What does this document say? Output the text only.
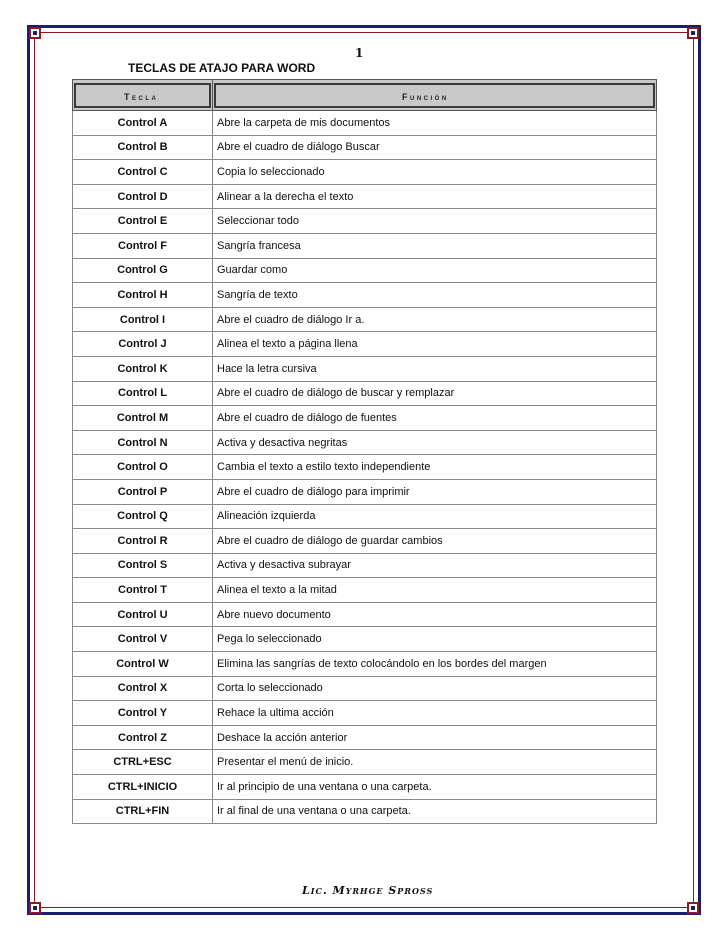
1
TECLAS DE ATAJO PARA WORD
Tecla	Función

Control A	Abre la carpeta de mis documentos
Control B	Abre el cuadro de diálogo Buscar
Control C	Copia lo seleccionado
Control D	Alinear a la derecha el texto
Control E	Seleccionar todo
Control F	Sangría francesa
Control G	Guardar como
Control H	Sangría de texto
Control I	Abre el cuadro de diálogo Ir a.
Control J	Alinea el texto a página llena
Control K	Hace la letra cursiva
Control L	Abre el cuadro de diálogo de buscar y remplazar
Control M	Abre el cuadro de diálogo de fuentes
Control N	Activa y desactiva negritas
Control O	Cambia el texto a estilo texto independiente
Control P	Abre el cuadro de diálogo para imprimir
Control Q	Alineación izquierda
Control R	Abre el cuadro de diálogo de guardar cambios
Control S	Activa y desactiva subrayar
Control T	Alinea el texto a la mitad
Control U	Abre nuevo documento
Control V	Pega lo seleccionado
Control W	Elimina las sangrías de texto colocándolo en los bordes del margen
Control X	Corta lo seleccionado
Control Y	Rehace la ultima acción
Control Z	Deshace la acción anterior
CTRL+ESC	Presentar el menú de inicio.
CTRL+INICIO	Ir al principio de una ventana o una carpeta.
CTRL+FIN	Ir al final de una ventana o una carpeta.
Lic. Myrhge Spross
